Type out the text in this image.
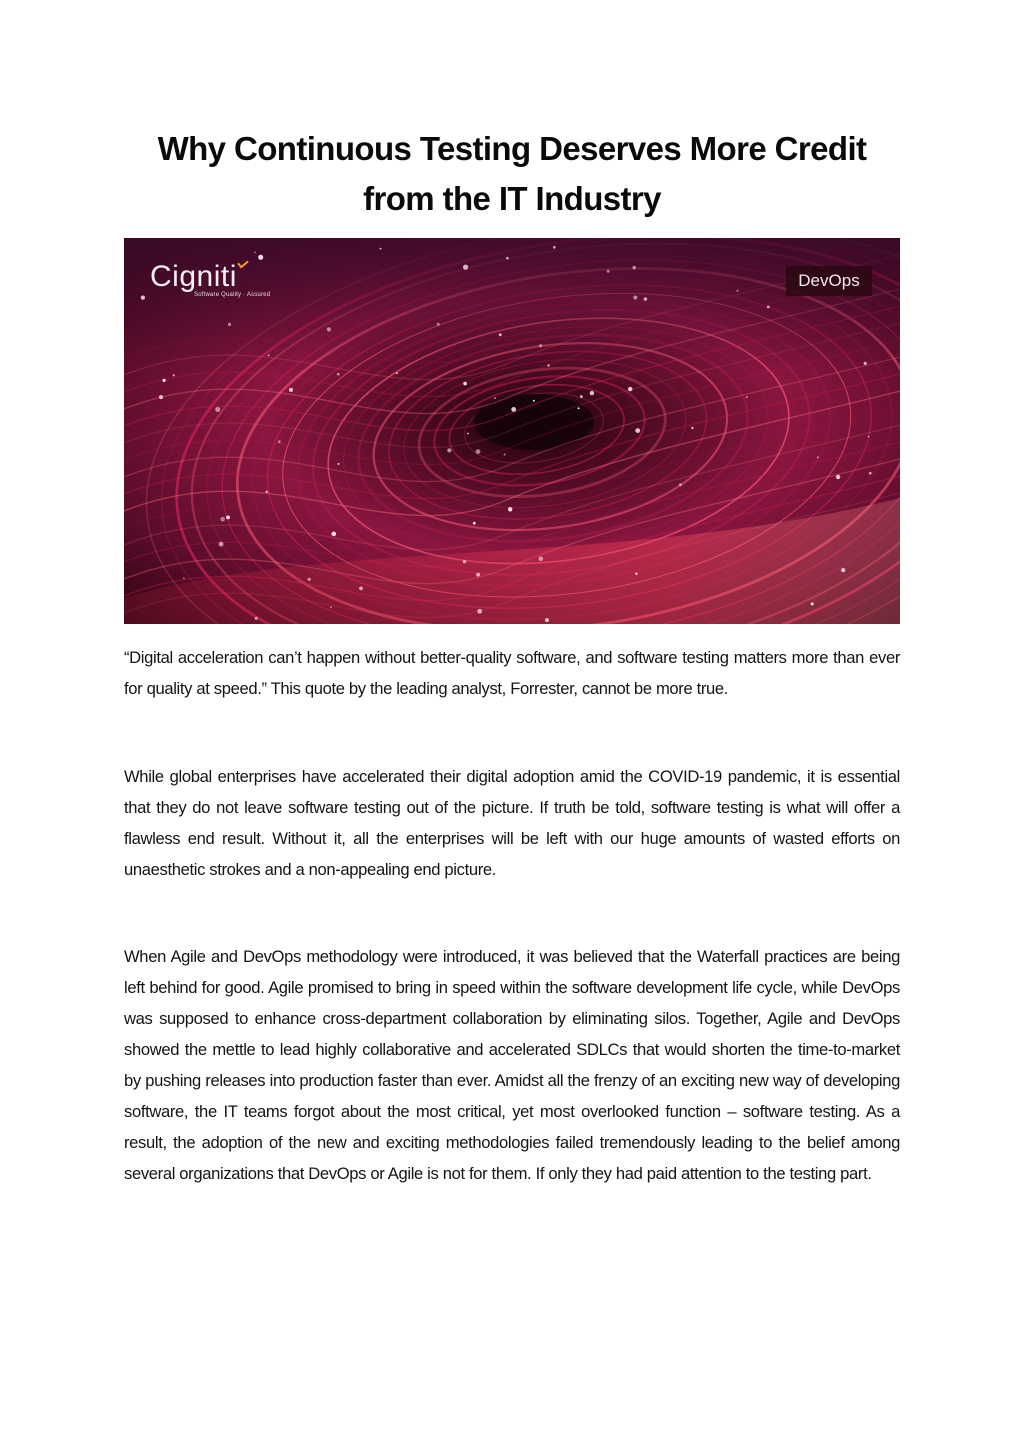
Why Continuous Testing Deserves More Credit from the IT Industry
Cigniti
Software Quality · Assured
DevOps

“Digital acceleration can’t happen without better-quality software, and software testing matters more than ever for quality at speed.” This quote by the leading analyst, Forrester, cannot be more true.

While global enterprises have accelerated their digital adoption amid the COVID-19 pandemic, it is essential that they do not leave software testing out of the picture. If truth be told, software testing is what will offer a flawless end result. Without it, all the enterprises will be left with our huge amounts of wasted efforts on unaesthetic strokes and a non-appealing end picture.

When Agile and DevOps methodology were introduced, it was believed that the Waterfall practices are being left behind for good. Agile promised to bring in speed within the software development life cycle, while DevOps was supposed to enhance cross-department collaboration by eliminating silos. Together, Agile and DevOps showed the mettle to lead highly collaborative and accelerated SDLCs that would shorten the time-to-market by pushing releases into production faster than ever. Amidst all the frenzy of an exciting new way of developing software, the IT teams forgot about the most critical, yet most overlooked function – software testing. As a result, the adoption of the new and exciting methodologies failed tremendously leading to the belief among several organizations that DevOps or Agile is not for them. If only they had paid attention to the testing part.
